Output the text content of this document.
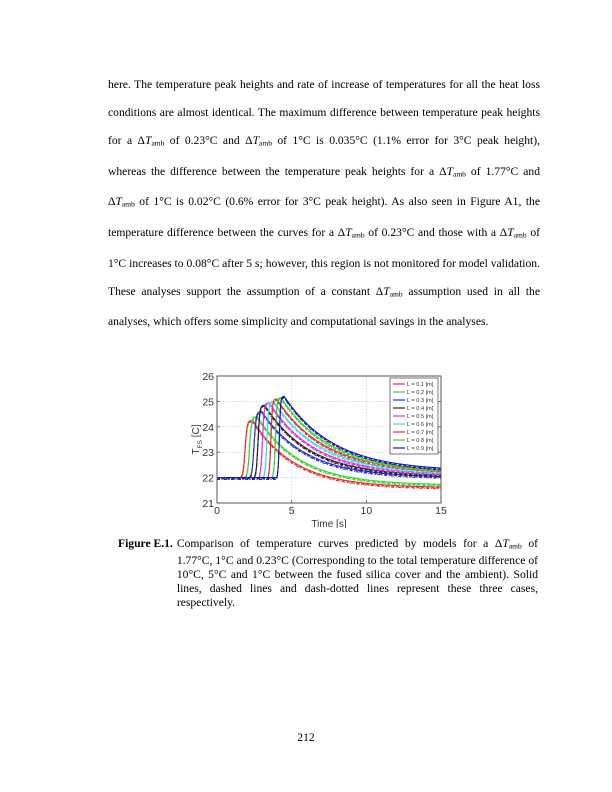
here. The temperature peak heights and rate of increase of temperatures for all the heat loss conditions are almost identical. The maximum difference between temperature peak heights for a $\Delta T_{amb}$ of 0.23°C and $\Delta T_{amb}$ of 1°C is 0.035°C (1.1% error for 3°C peak height), whereas the difference between the temperature peak heights for a $\Delta T_{amb}$ of 1.77°C and $\Delta T_{amb}$ of 1°C is 0.02°C (0.6% error for 3°C peak height). As also seen in Figure A1, the temperature difference between the curves for a $\Delta T_{amb}$ of 0.23°C and those with a $\Delta T_{amb}$ of 1°C increases to 0.08°C after 5 s; however, this region is not monitored for model validation. These analyses support the assumption of a constant $\Delta T_{amb}$ assumption used in all the analyses, which offers some simplicity and computational savings in the analyses.

21
22
23
24
25
26
0	5	10	15
Time [s]
$T_{FS}$ [C]
L = 0.1 [m]
L = 0.2 [m]
L = 0.3 [m]
L = 0.4 [m]
L = 0.5 [m]
L = 0.6 [m]
L = 0.7 [m]
L = 0.8 [m]
L = 0.9 [m]
Figure E.1. Comparison of temperature curves predicted by models for a $\Delta T_{amb}$ of 1.77°C, 1°C and 0.23°C (Corresponding to the total temperature difference of 10°C, 5°C and 1°C between the fused silica cover and the ambient). Solid lines, dashed lines and dash-dotted lines represent these three cases, respectively.
212
